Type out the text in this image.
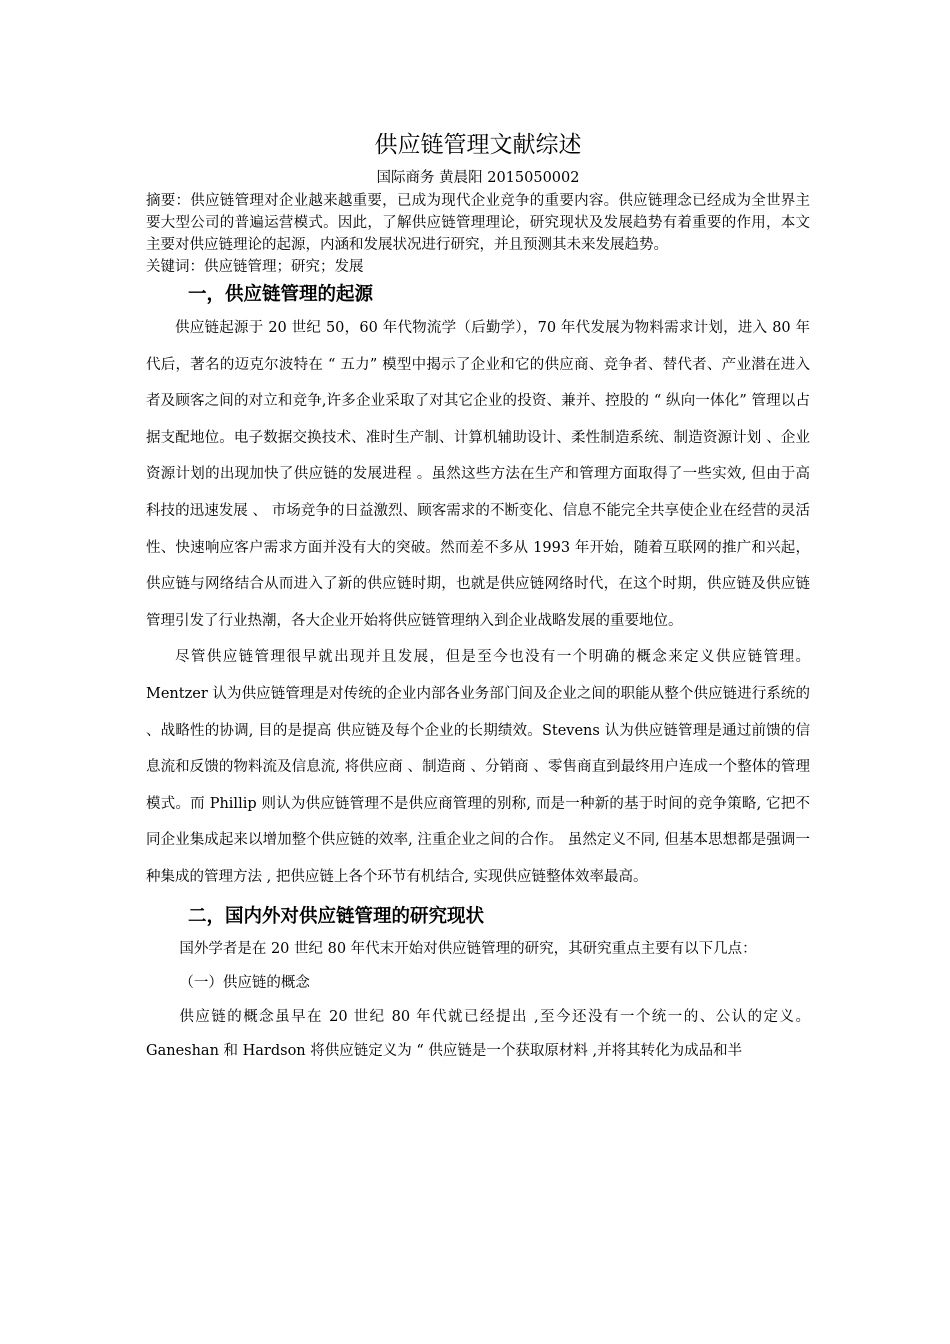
供应链管理文献综述

国际商务 黄晨阳 2015050002

摘要：供应链管理对企业越来越重要，已成为现代企业竞争的重要内容。供应链理念已经成为全世界主要大型公司的普遍运营模式。因此，了解供应链管理理论，研究现状及发展趋势有着重要的作用，本文主要对供应链理论的起源，内涵和发展状况进行研究，并且预测其未来发展趋势。

关键词：供应链管理；研究；发展

一，供应链管理的起源

供应链起源于 20 世纪 50，60 年代物流学（后勤学），70 年代发展为物料需求计划，进入 80 年代后，著名的迈克尔波特在 “ 五力” 模型中揭示了企业和它的供应商、竞争者、替代者、产业潜在进入者及顾客之间的对立和竞争,许多企业采取了对其它企业的投资、兼并、控股的 “ 纵向一体化” 管理以占据支配地位。电子数据交换技术、准时生产制、计算机辅助设计、柔性制造系统、制造资源计划 、企业资源计划的出现加快了供应链的发展进程 。虽然这些方法在生产和管理方面取得了一些实效, 但由于高科技的迅速发展 、 市场竞争的日益激烈、顾客需求的不断变化、信息不能完全共享使企业在经营的灵活性、快速响应客户需求方面并没有大的突破。然而差不多从 1993 年开始，随着互联网的推广和兴起，供应链与网络结合从而进入了新的供应链时期，也就是供应链网络时代，在这个时期，供应链及供应链管理引发了行业热潮，各大企业开始将供应链管理纳入到企业战略发展的重要地位。

尽管供应链管理很早就出现并且发展，但是至今也没有一个明确的概念来定义供应链管理。Mentzer 认为供应链管理是对传统的企业内部各业务部门间及企业之间的职能从整个供应链进行系统的 、战略性的协调, 目的是提高 供应链及每个企业的长期绩效。Stevens 认为供应链管理是通过前馈的信息流和反馈的物料流及信息流, 将供应商 、制造商 、分销商 、零售商直到最终用户连成一个整体的管理模式。而 Phillip 则认为供应链管理不是供应商管理的别称, 而是一种新的基于时间的竞争策略, 它把不同企业集成起来以增加整个供应链的效率, 注重企业之间的合作。 虽然定义不同, 但基本思想都是强调一种集成的管理方法 , 把供应链上各个环节有机结合, 实现供应链整体效率最高。

二，国内外对供应链管理的研究现状

国外学者是在 20 世纪 80 年代末开始对供应链管理的研究，其研究重点主要有以下几点：

（一）供应链的概念

供应链的概念虽早在 20 世纪 80 年代就已经提出 ,至今还没有一个统一的、公认的定义。Ganeshan 和 Hardson 将供应链定义为 “ 供应链是一个获取原材料 ,并将其转化为成品和半
